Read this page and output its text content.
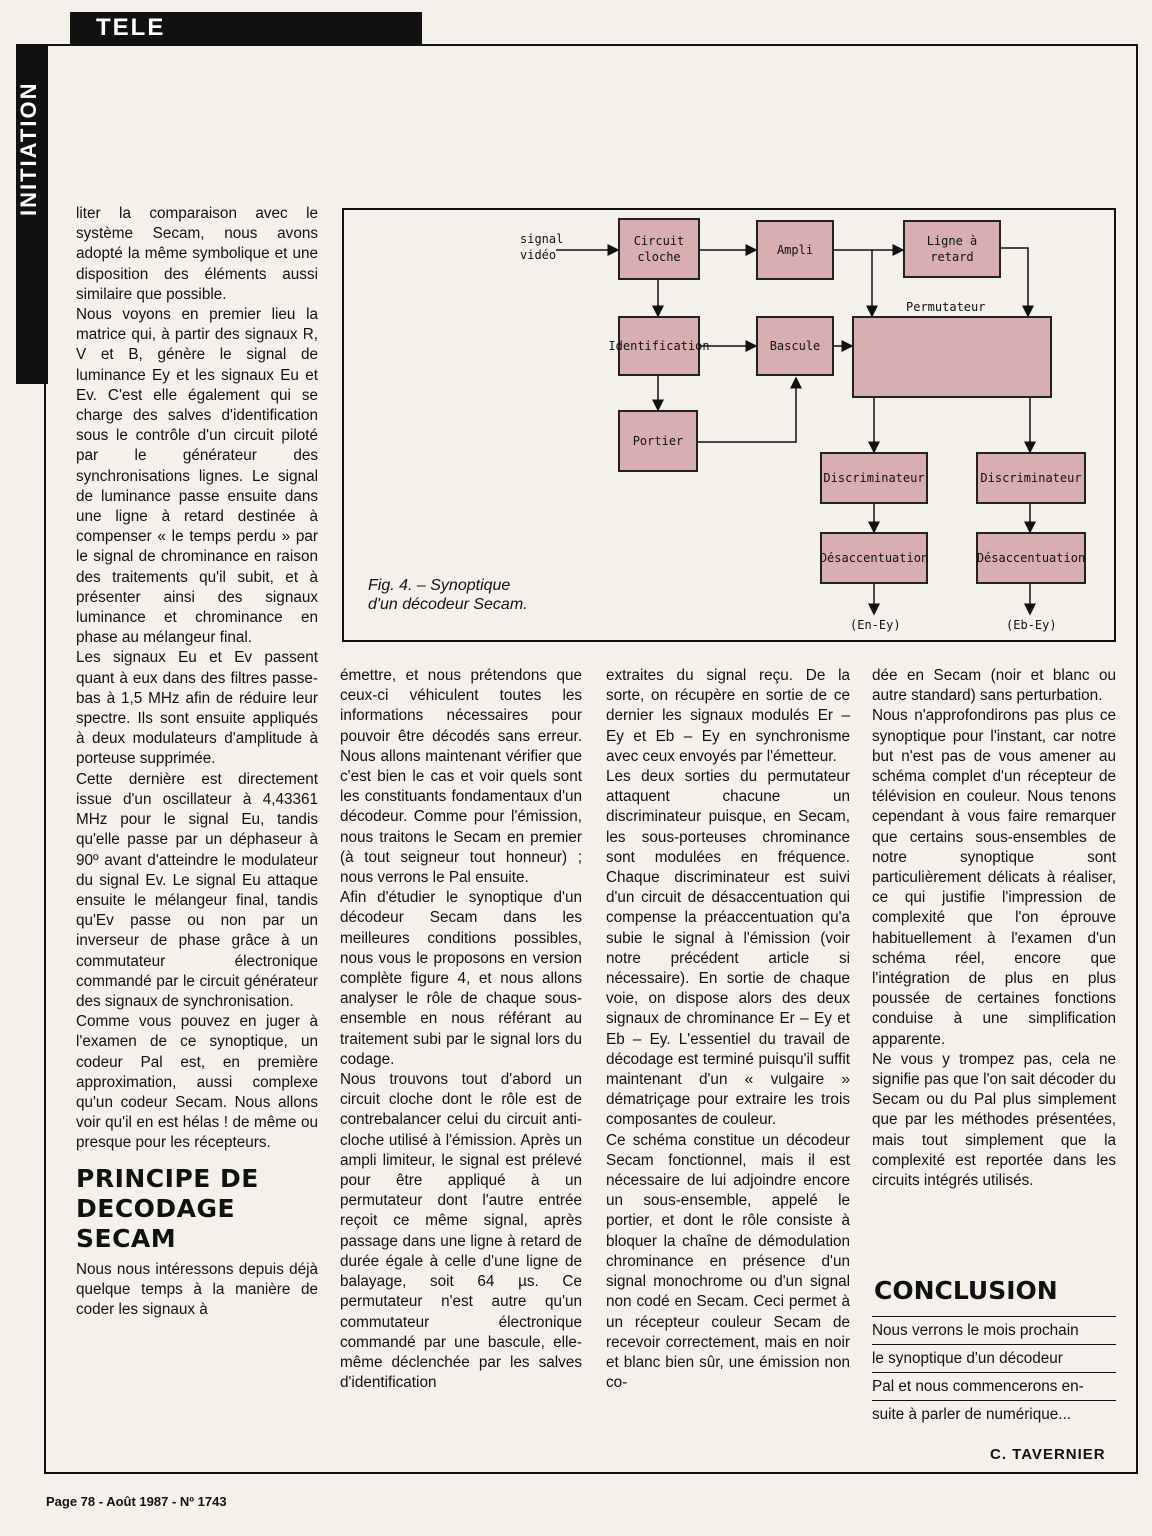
TELE
INITIATION	liter la comparaison avec le système Secam, nous avons adopté la même symbolique et une disposition des éléments aussi similaire que possible.

Nous voyons en premier lieu la matrice qui, à partir des signaux R, V et B, génère le signal de luminance Ey et les signaux Eu et Ev. C'est elle également qui se charge des salves d'identification sous le contrôle d'un circuit piloté par le générateur des synchronisations lignes. Le signal de luminance passe ensuite dans une ligne à retard destinée à compenser « le temps perdu » par le signal de chrominance en raison des traitements qu'il subit, et à présenter ainsi des signaux luminance et chrominance en phase au mélangeur final.

Les signaux Eu et Ev passent quant à eux dans des filtres passe-bas à 1,5 MHz afin de réduire leur spectre. Ils sont ensuite appliqués à deux modulateurs d'amplitude à porteuse supprimée.

Cette dernière est directement issue d'un oscillateur à 4,43361 MHz pour le signal Eu, tandis qu'elle passe par un déphaseur à 90º avant d'atteindre le modulateur du signal Ev. Le signal Eu attaque ensuite le mélangeur final, tandis qu'Ev passe ou non par un inverseur de phase grâce à un commutateur électronique commandé par le circuit générateur des signaux de synchronisation.

Comme vous pouvez en juger à l'examen de ce synoptique, un codeur Pal est, en première approximation, aussi complexe qu'un codeur Secam. Nous allons voir qu'il en est hélas ! de même ou presque pour les récepteurs.

PRINCIPE DE DECODAGE SECAM

Nous nous intéressons depuis déjà quelque temps à la manière de coder les signaux à

émettre, et nous prétendons que ceux-ci véhiculent toutes les informations nécessaires pour pouvoir être décodés sans erreur. Nous allons maintenant vérifier que c'est bien le cas et voir quels sont les constituants fondamentaux d'un décodeur. Comme pour l'émission, nous traitons le Secam en premier (à tout seigneur tout honneur) ; nous verrons le Pal ensuite.

Afin d'étudier le synoptique d'un décodeur Secam dans les meilleures conditions possibles, nous vous le proposons en version complète figure 4, et nous allons analyser le rôle de chaque sous-ensemble en nous référant au traitement subi par le signal lors du codage.

Nous trouvons tout d'abord un circuit cloche dont le rôle est de contrebalancer celui du circuit anti-cloche utilisé à l'émission. Après un ampli limiteur, le signal est prélevé pour être appliqué à un permutateur dont l'autre entrée reçoit ce même signal, après passage dans une ligne à retard de durée égale à celle d'une ligne de balayage, soit 64 µs. Ce permutateur n'est autre qu'un commutateur électronique commandé par une bascule, elle-même déclenchée par les salves d'identification

extraites du signal reçu. De la sorte, on récupère en sortie de ce dernier les signaux modulés Er – Ey et Eb – Ey en synchronisme avec ceux envoyés par l'émetteur.

Les deux sorties du permutateur attaquent chacune un discriminateur puisque, en Secam, les sous-porteuses chrominance sont modulées en fréquence. Chaque discriminateur est suivi d'un circuit de désaccentuation qui compense la préaccentuation qu'a subie le signal à l'émission (voir notre précédent article si nécessaire). En sortie de chaque voie, on dispose alors des deux signaux de chrominance Er – Ey et Eb – Ey. L'essentiel du travail de décodage est terminé puisqu'il suffit maintenant d'un « vulgaire » dématriçage pour extraire les trois composantes de couleur.

Ce schéma constitue un décodeur Secam fonctionnel, mais il est nécessaire de lui adjoindre encore un sous-ensemble, appelé le portier, et dont le rôle consiste à bloquer la chaîne de démodulation chrominance en présence d'un signal monochrome ou d'un signal non codé en Secam. Ceci permet à un récepteur couleur Secam de recevoir correctement, mais en noir et blanc bien sûr, une émission non co-

dée en Secam (noir et blanc ou autre standard) sans perturbation.

Nous n'approfondirons pas plus ce synoptique pour l'instant, car notre but n'est pas de vous amener au schéma complet d'un récepteur de télévision en couleur. Nous tenons cependant à vous faire remarquer que certains sous-ensembles de notre synoptique sont particulièrement délicats à réaliser, ce qui justifie l'impression de complexité que l'on éprouve habituellement à l'examen d'un schéma réel, encore que l'intégration de plus en plus poussée de certaines fonctions conduise à une simplification apparente.

Ne vous y trompez pas, cela ne signifie pas que l'on sait décoder du Secam ou du Pal plus simplement que par les méthodes présentées, mais tout simplement que la complexité est reportée dans les circuits intégrés utilisés.

CONCLUSION
Nous verrons le mois prochain
le synoptique d'un décodeur
Pal et nous commencerons en-
suite à parler de numérique...
C. TAVERNIER
Page 78 - Août 1987 - Nº 1743
signal
vidéo
Circuit
cloche	Ampli
Ligne à retard
Permutateur
Identification	Bascule
Portier
Discriminateur	Discriminateur
Désaccentuation	Désaccentuation
(En-Ey)	(Eb-Ey)
Fig. 4. – Synoptique
d'un décodeur Secam.
